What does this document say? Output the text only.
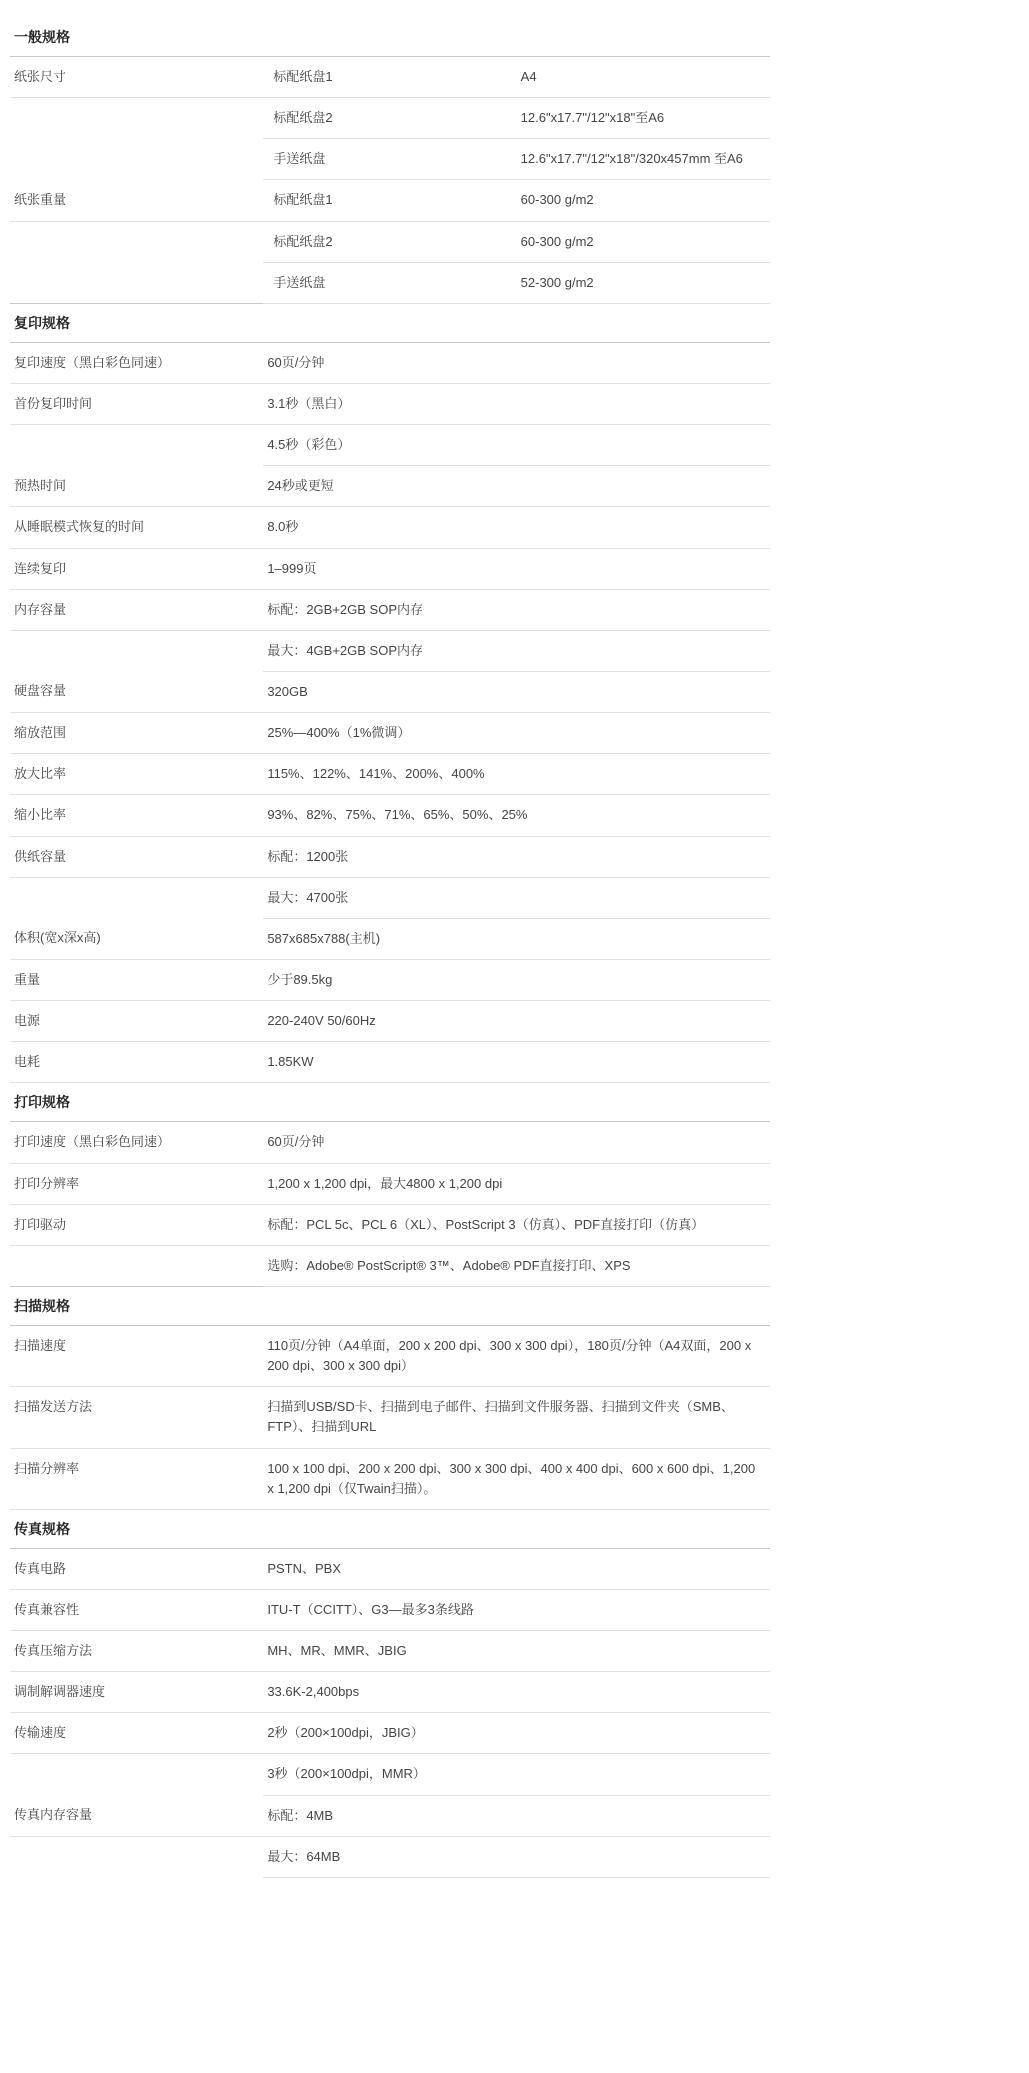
一般规格		
纸张尺寸	标配纸盘1	A4
	标配纸盘2	12.6"x17.7"/12"x18"至A6
	手送纸盘	12.6"x17.7"/12"x18"/320x457mm 至A6
纸张重量	标配纸盘1	60-300 g/m2
	标配纸盘2	60-300 g/m2
	手送纸盘	52-300 g/m2
复印规格		
复印速度（黑白彩色同速）	60页/分钟	
首份复印时间	3.1秒（黑白）	
	4.5秒（彩色）	
预热时间	24秒或更短	
从睡眠模式恢复的时间	8.0秒	
连续复印	1–999页	
内存容量	标配：2GB+2GB SOP内存	
	最大：4GB+2GB SOP内存	
硬盘容量	320GB	
缩放范围	25%—400%（1%微调）	
放大比率	115%、122%、141%、200%、400%	
缩小比率	93%、82%、75%、71%、65%、50%、25%	
供纸容量	标配：1200张	
	最大：4700张	
体积(宽x深x高)	587x685x788(主机)	
重量	少于89.5kg	
电源	220-240V 50/60Hz	
电耗	1.85KW	
打印规格		
打印速度（黑白彩色同速）	60页/分钟	
打印分辨率	1,200 x 1,200 dpi，最大4800 x 1,200 dpi	
打印驱动	标配：PCL 5c、PCL 6（XL）、PostScript 3（仿真）、PDF直接打印（仿真）	
	选购：Adobe® PostScript® 3™、Adobe® PDF直接打印、XPS	
扫描规格		
扫描速度	110页/分钟（A4单面，200 x 200 dpi、300 x 300 dpi），180页/分钟（A4双面，200 x 200 dpi、300 x 300 dpi）	
扫描发送方法	扫描到USB/SD卡、扫描到电子邮件、扫描到文件服务器、扫描到文件夹（SMB、FTP）、扫描到URL	
扫描分辨率	100 x 100 dpi、200 x 200 dpi、300 x 300 dpi、400 x 400 dpi、600 x 600 dpi、1,200 x 1,200 dpi（仅Twain扫描）。	
传真规格		
传真电路	PSTN、PBX	
传真兼容性	ITU-T（CCITT）、G3—最多3条线路	
传真压缩方法	MH、MR、MMR、JBIG	
调制解调器速度	33.6K-2,400bps	
传输速度	2秒（200×100dpi，JBIG）	
	3秒（200×100dpi，MMR）	
传真内存容量	标配：4MB	
	最大：64MB	
